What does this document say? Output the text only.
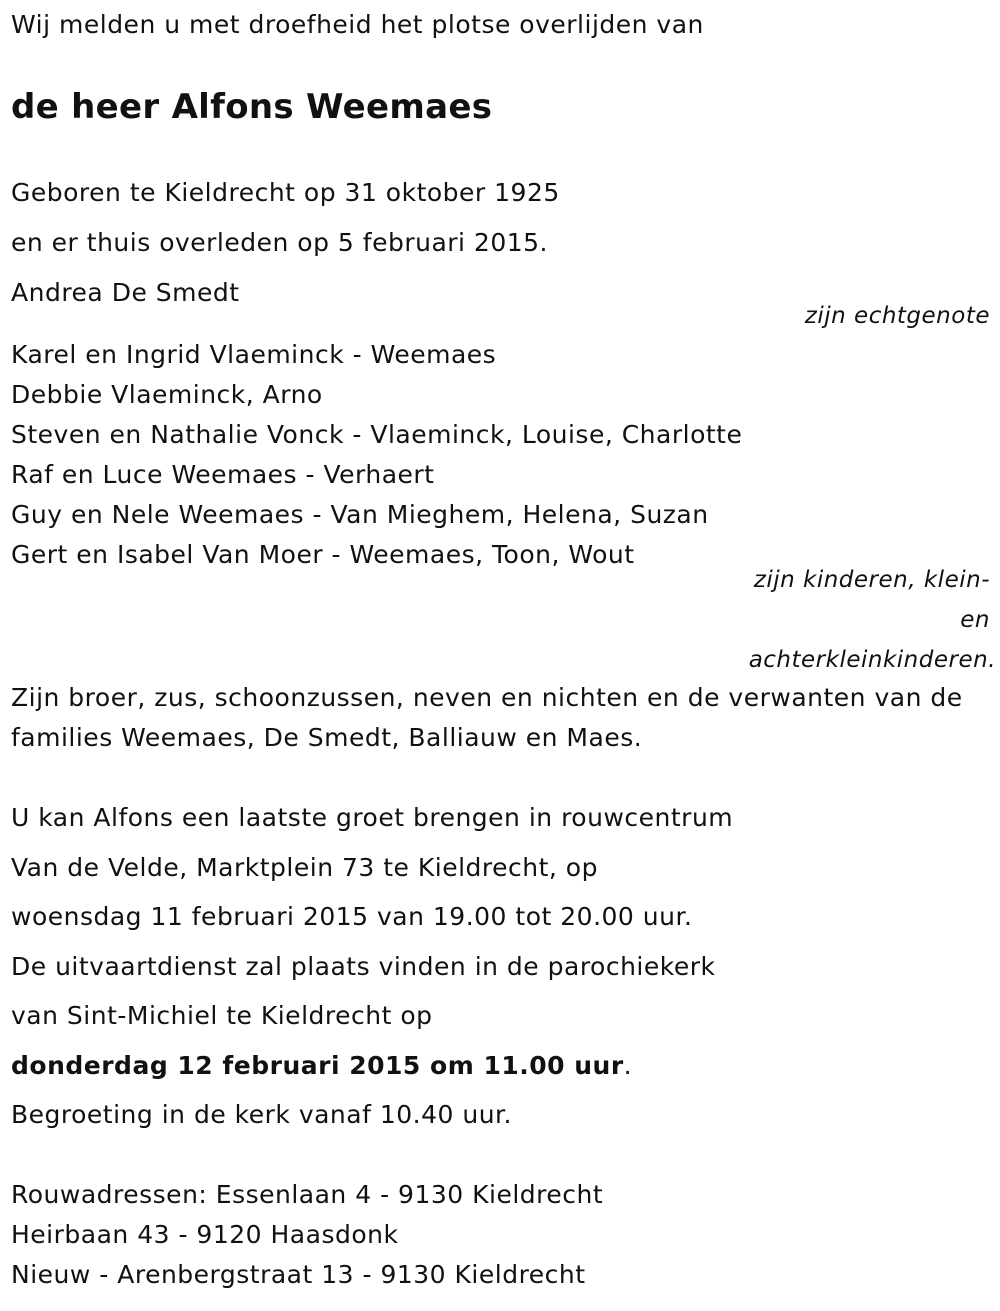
Wij melden u met droefheid het plotse overlijden van
de heer Alfons Weemaes
Geboren te Kieldrecht op 31 oktober 1925
en er thuis overleden op 5 februari 2015.
Andrea De Smedt
zijn echtgenote
Karel en Ingrid Vlaeminck - Weemaes
Debbie Vlaeminck, Arno
Steven en Nathalie Vonck - Vlaeminck, Louise, Charlotte
Raf en Luce Weemaes - Verhaert
Guy en Nele Weemaes - Van Mieghem, Helena, Suzan
Gert en Isabel Van Moer - Weemaes, Toon, Wout
zijn kinderen, klein-
en
achterkleinkinderen.
Zijn broer, zus, schoonzussen, neven en nichten en de verwanten van de
families Weemaes, De Smedt, Balliauw en Maes.
U kan Alfons een laatste groet brengen in rouwcentrum
Van de Velde, Marktplein 73 te Kieldrecht, op
woensdag 11 februari 2015 van 19.00 tot 20.00 uur.
De uitvaartdienst zal plaats vinden in de parochiekerk
van Sint-Michiel te Kieldrecht op
donderdag 12 februari 2015 om 11.00 uur.
Begroeting in de kerk vanaf 10.40 uur.
Rouwadressen: Essenlaan 4 - 9130 Kieldrecht
Heirbaan 43 - 9120 Haasdonk
Nieuw - Arenbergstraat 13 - 9130 Kieldrecht
